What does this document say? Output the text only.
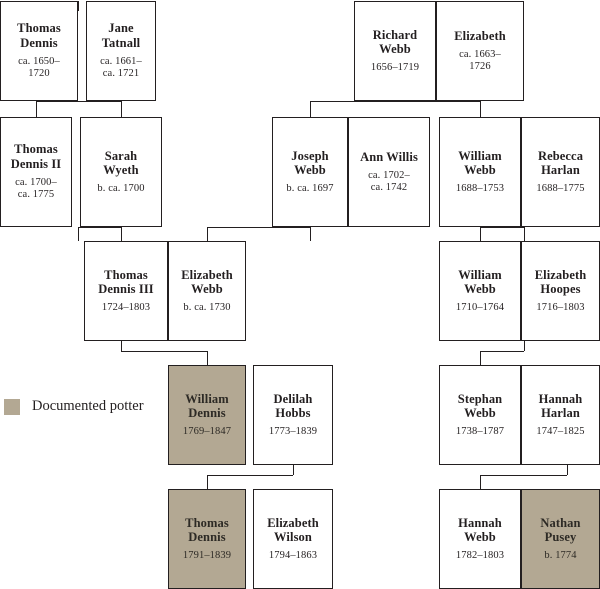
Thomas
Dennis
ca. 1650–
1720
Jane
Tatnall
ca. 1661–
ca. 1721
Richard
Webb
1656–1719
Elizabeth
ca. 1663–
1726
Thomas
Dennis II
ca. 1700–
ca. 1775
Sarah
Wyeth
b. ca. 1700
Joseph
Webb
b. ca. 1697
Ann Willis
ca. 1702–
ca. 1742
William
Webb
1688–1753
Rebecca
Harlan
1688–1775
Thomas
Dennis III
1724–1803
Elizabeth
Webb
b. ca. 1730
William
Webb
1710–1764
Elizabeth
Hoopes
1716–1803
William
Dennis
1769–1847
Delilah
Hobbs
1773–1839
Stephan
Webb
1738–1787
Hannah
Harlan
1747–1825
Thomas
Dennis
1791–1839
Elizabeth
Wilson
1794–1863
Hannah
Webb
1782–1803
Nathan
Pusey
b. 1774
Documented potter
